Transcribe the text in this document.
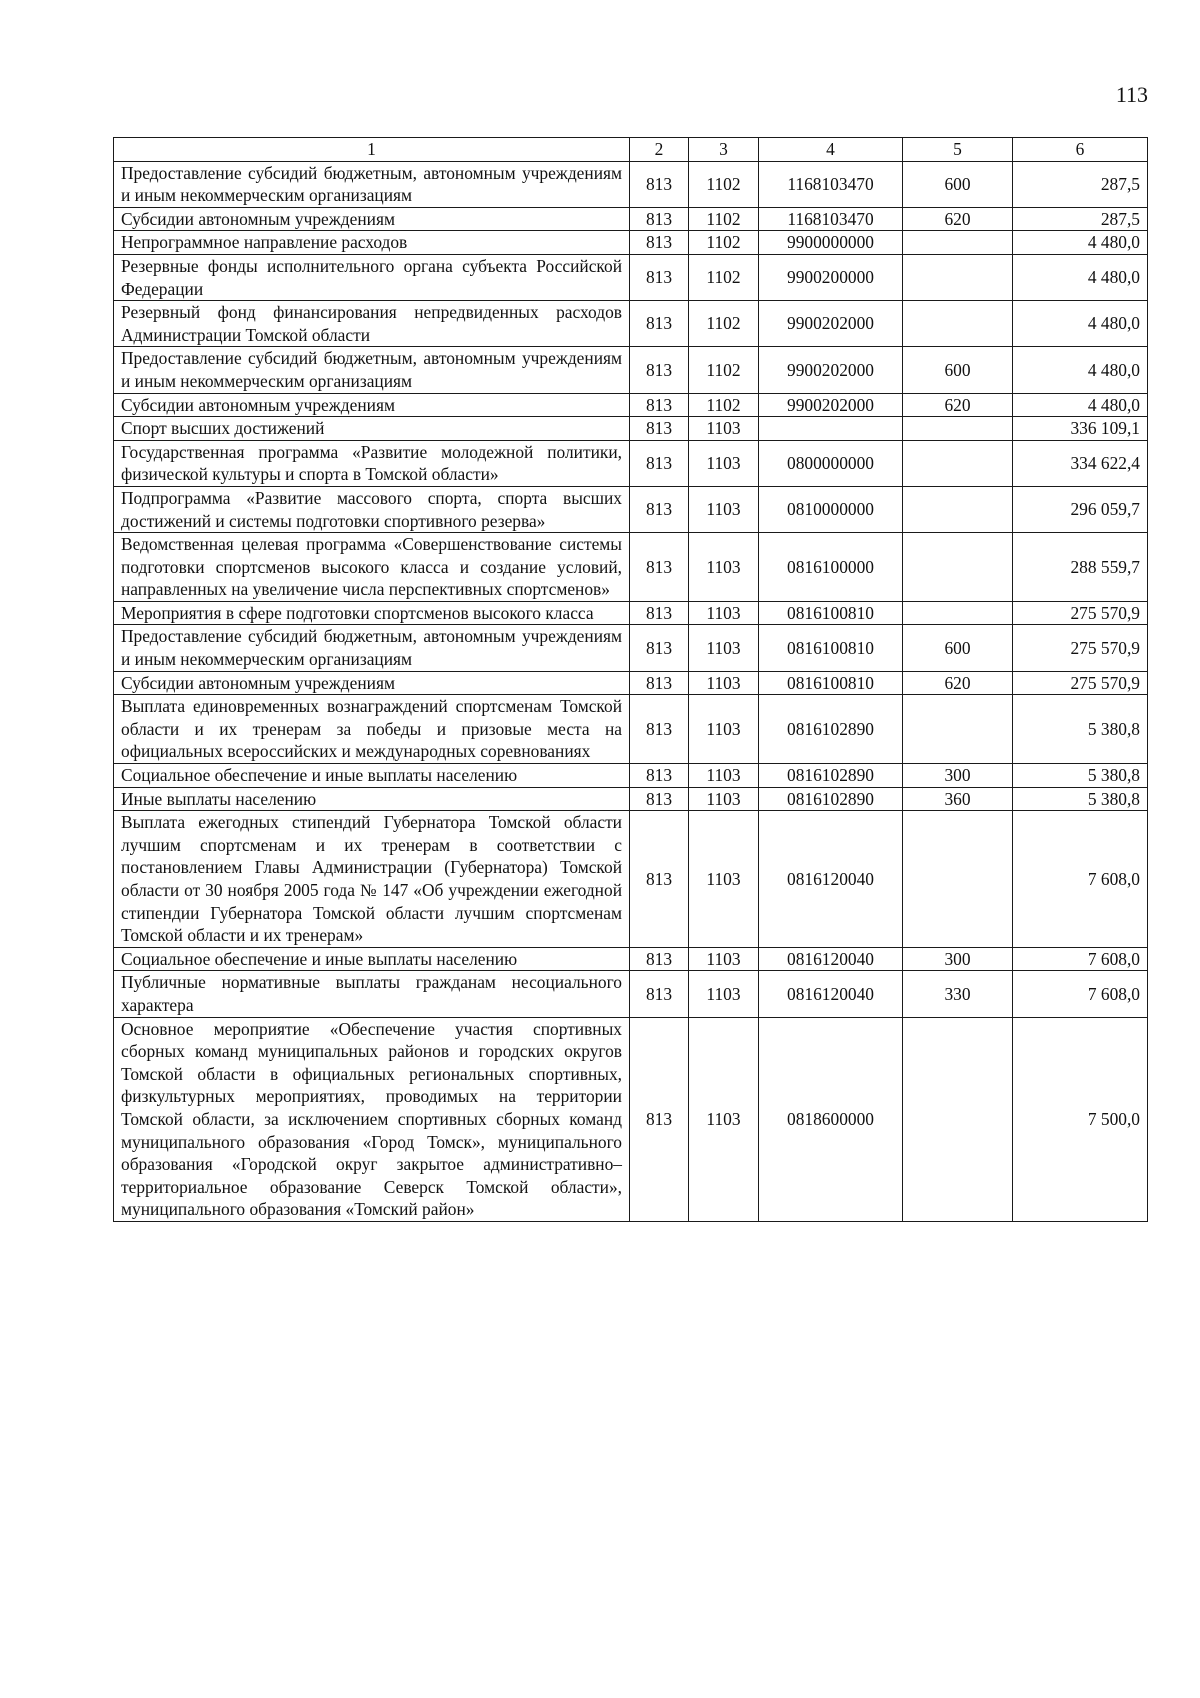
113
1	2	3	4	5	6
Предоставление субсидий бюджетным, автономным учреждениям и иным некоммерческим организациям	813	1102	1168103470	600	287,5
Субсидии автономным учреждениям	813	1102	1168103470	620	287,5
Непрограммное направление расходов	813	1102	9900000000		4 480,0
Резервные фонды исполнительного органа субъекта Российской Федерации	813	1102	9900200000		4 480,0
Резервный фонд финансирования непредвиденных расходов Администрации Томской области	813	1102	9900202000		4 480,0
Предоставление субсидий бюджетным, автономным учреждениям и иным некоммерческим организациям	813	1102	9900202000	600	4 480,0
Субсидии автономным учреждениям	813	1102	9900202000	620	4 480,0
Спорт высших достижений	813	1103			336 109,1
Государственная программа «Развитие молодежной политики, физической культуры и спорта в Томской области»	813	1103	0800000000		334 622,4
Подпрограмма «Развитие массового спорта, спорта высших достижений и системы подготовки спортивного резерва»	813	1103	0810000000		296 059,7
Ведомственная целевая программа «Совершенствование системы подготовки спортсменов высокого класса и создание условий, направленных на увеличение числа перспективных спортсменов»	813	1103	0816100000		288 559,7
Мероприятия в сфере подготовки спортсменов высокого класса	813	1103	0816100810		275 570,9
Предоставление субсидий бюджетным, автономным учреждениям и иным некоммерческим организациям	813	1103	0816100810	600	275 570,9
Субсидии автономным учреждениям	813	1103	0816100810	620	275 570,9
Выплата единовременных вознаграждений спортсменам Томской области и их тренерам за победы и призовые места на официальных всероссийских и международных соревнованиях	813	1103	0816102890		5 380,8
Социальное обеспечение и иные выплаты населению	813	1103	0816102890	300	5 380,8
Иные выплаты населению	813	1103	0816102890	360	5 380,8
Выплата ежегодных стипендий Губернатора Томской области лучшим спортсменам и их тренерам в соответствии с постановлением Главы Администрации (Губернатора) Томской области от 30 ноября 2005 года № 147 «Об учреждении ежегодной стипендии Губернатора Томской области лучшим спортсменам Томской области и их тренерам»	813	1103	0816120040		7 608,0
Социальное обеспечение и иные выплаты населению	813	1103	0816120040	300	7 608,0
Публичные нормативные выплаты гражданам несоциального характера	813	1103	0816120040	330	7 608,0
Основное мероприятие «Обеспечение участия спортивных сборных команд муниципальных районов и городских округов Томской области в официальных региональных спортивных, физкультурных мероприятиях, проводимых на территории Томской области, за исключением спортивных сборных команд муниципального образования «Город Томск», муниципального образования «Городской округ закрытое административно–территориальное образование Северск Томской области», муниципального образования «Томский район»	813	1103	0818600000		7 500,0
